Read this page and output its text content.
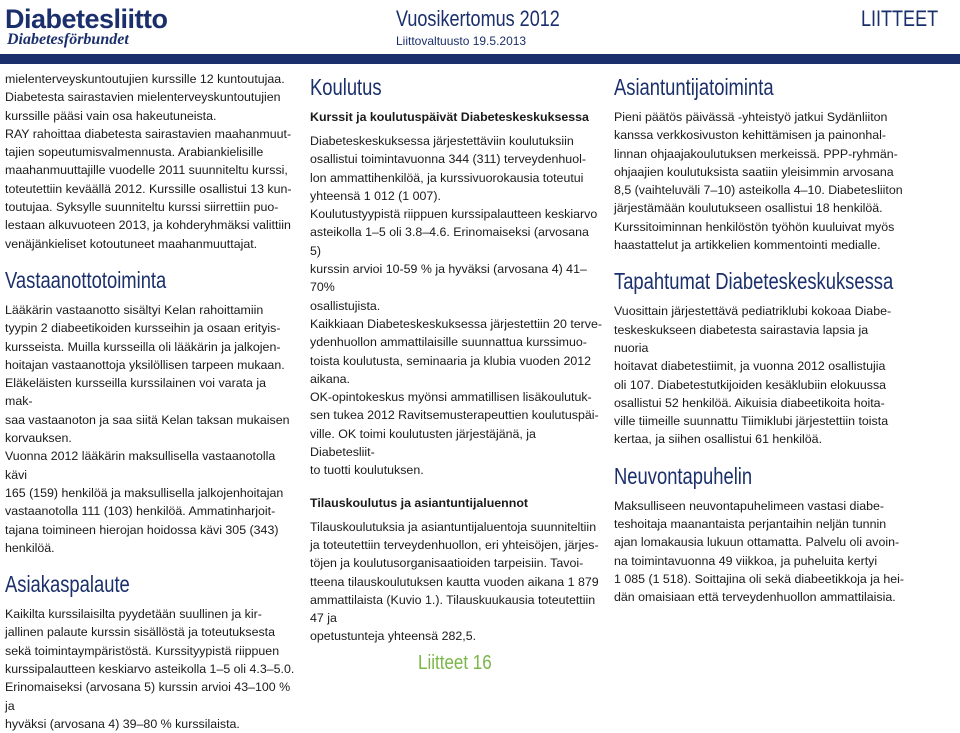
Diabetesliitto
Diabetesförbundet
Vuosikertomus 2012
Liittovaltuusto 19.5.2013
LIITTEET

mielenterveyskuntoutujien kurssille 12 kuntoutujaa.

Diabetesta sairastavien mielenterveyskuntoutujien

kurssille pääsi vain osa hakeutuneista.

RAY rahoittaa diabetesta sairastavien maahanmuut-

tajien sopeutumisvalmennusta. Arabiankielisille

maahanmuuttajille vuodelle 2011 suunniteltu kurssi,

toteutettiin keväällä 2012. Kurssille osallistui 13 kun-

toutujaa. Syksylle suunniteltu kurssi siirrettiin puo-

lestaan alkuvuoteen 2013, ja kohderyhmäksi valittiin

venäjänkieliset kotoutuneet maahanmuuttajat.

Vastaanottotoiminta

Lääkärin vastaanotto sisältyi Kelan rahoittamiin

tyypin 2 diabeetikoiden kursseihin ja osaan erityis-

kursseista. Muilla kursseilla oli lääkärin ja jalkojen-

hoitajan vastaanottoja yksilöllisen tarpeen mukaan.

Eläkeläisten kursseilla kurssilainen voi varata ja mak-

saa vastaanoton ja saa siitä Kelan taksan mukaisen

korvauksen.

Vuonna 2012 lääkärin maksullisella vastaanotolla kävi

165 (159) henkilöä ja maksullisella jalkojenhoitajan

vastaanotolla 111 (103) henkilöä. Ammatinharjoit-

tajana toimineen hierojan hoidossa kävi 305 (343)

henkilöä.

Asiakaspalaute

Kaikilta kurssilaisilta pyydetään suullinen ja kir-

jallinen palaute kurssin sisällöstä ja toteutuksesta

sekä toimintaympäristöstä. Kurssityypistä riippuen

kurssipalautteen keskiarvo asteikolla 1–5 oli 4.3–5.0.

Erinomaiseksi (arvosana 5) kurssin arvioi 43–100 % ja

hyväksi (arvosana 4) 39–80 % kurssilaista.

Koulutus
Kurssit ja koulutuspäivät Diabeteskeskuksessa

Diabeteskeskuksessa järjestettäviin koulutuksiin

osallistui toimintavuonna 344 (311) terveydenhuol-

lon ammattihenkilöä, ja kurssivuorokausia toteutui

yhteensä 1 012 (1 007).

Koulutustyypistä riippuen kurssipalautteen keskiarvo

asteikolla 1–5 oli 3.8–4.6. Erinomaiseksi (arvosana 5)

kurssin arvioi 10-59 % ja hyväksi (arvosana 4) 41–70%

osallistujista.

Kaikkiaan Diabeteskeskuksessa järjestettiin 20 terve-

ydenhuollon ammattilaisille suunnattua kurssimuo-

toista koulutusta, seminaaria ja klubia vuoden 2012

aikana.

OK-opintokeskus myönsi ammatillisen lisäkoulutuk-

sen tukea 2012 Ravitsemusterapeuttien koulutuspäi-

ville. OK toimi koulutusten järjestäjänä, ja Diabetesliit-

to tuotti koulutuksen.

Tilauskoulutus ja asiantuntijaluennot

Tilauskoulutuksia ja asiantuntijaluentoja suunniteltiin

ja toteutettiin terveydenhuollon, eri yhteisöjen, järjes-

töjen ja koulutusorganisaatioiden tarpeisiin. Tavoi-

tteena tilauskoulutuksen kautta vuoden aikana 1 879

ammattilaista (Kuvio 1.). Tilauskuukausia toteutettiin 47 ja

opetustunteja yhteensä 282,5.

Asiantuntijatoiminta

Pieni päätös päivässä -yhteistyö jatkui Sydänliiton

kanssa verkkosivuston kehittämisen ja painonhal-

linnan ohjaajakoulutuksen merkeissä. PPP-ryhmän-

ohjaajien koulutuksista saatiin yleisimmin arvosana

8,5 (vaihteluväli 7–10) asteikolla 4–10. Diabetesliiton

järjestämään koulutukseen osallistui 18 henkilöä.

Kurssitoiminnan henkilöstön työhön kuuluivat myös

haastattelut ja artikkelien kommentointi medialle.

Tapahtumat Diabeteskeskuksessa

Vuosittain järjestettävä pediatriklubi kokoaa Diabe-

teskeskukseen diabetesta sairastavia lapsia ja nuoria

hoitavat diabetestiimit, ja vuonna 2012 osallistujia

oli 107. Diabetestutkijoiden kesäklubiin elokuussa

osallistui 52 henkilöä. Aikuisia diabeetikoita hoita-

ville tiimeille suunnattu Tiimiklubi järjestettiin toista

kertaa, ja siihen osallistui 61 henkilöä.

Neuvontapuhelin

Maksulliseen neuvontapuhelimeen vastasi diabe-

teshoitaja maanantaista perjantaihin neljän tunnin

ajan lomakausia lukuun ottamatta. Palvelu oli avoin-

na toimintavuonna 49 viikkoa, ja puheluita kertyi

1 085 (1 518). Soittajina oli sekä diabeetikkoja ja hei-

dän omaisiaan että terveydenhuollon ammattilaisia.

Liitteet 16
